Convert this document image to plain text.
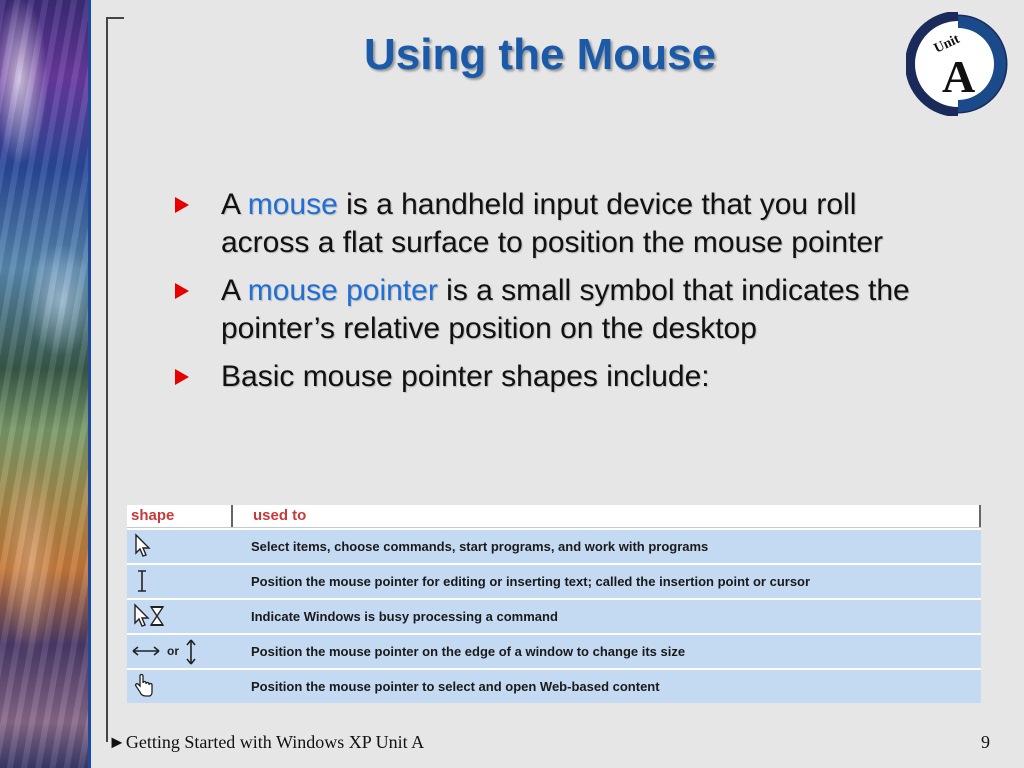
Using the Mouse	Unit
A
A mouse is a handheld input device that you roll across a flat surface to position the mouse pointer
A mouse pointer is a small symbol that indicates the pointer’s relative position on the desktop
Basic mouse pointer shapes include:
shape	used to
Select items, choose commands, start programs, and work with programs
Position the mouse pointer for editing or inserting text; called the insertion point or cursor
Indicate Windows is busy processing a command
or	Position the mouse pointer on the edge of a window to change its size
Position the mouse pointer to select and open Web-based content
►Getting Started with Windows XP Unit A	9
